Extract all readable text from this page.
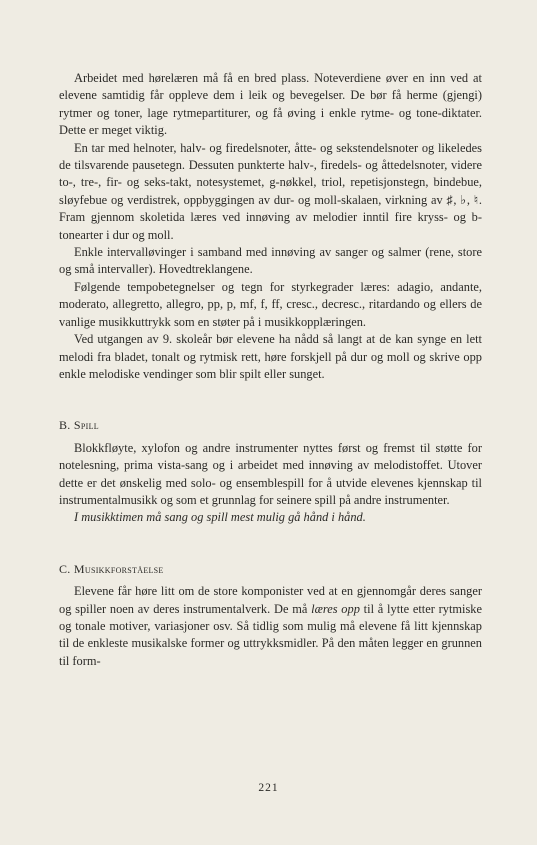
Arbeidet med hørelæren må få en bred plass. Noteverdiene øver en inn ved at elevene samtidig får oppleve dem i leik og bevegelser. De bør få herme (gjengi) rytmer og toner, lage rytmepartiturer, og få øving i enkle rytme- og tone-diktater. Dette er meget viktig.

En tar med helnoter, halv- og firedelsnoter, åtte- og sekstendelsnoter og likeledes de tilsvarende pausetegn. Dessuten punkterte halv-, firedels- og åttedelsnoter, videre to-, tre-, fir- og seks-takt, notesystemet, g-nøkkel, triol, repetisjonstegn, bindebue, sløyfebue og verdistrek, oppbyggingen av dur- og moll-skalaen, virkning av ♯, ♭, ♮. Fram gjennom skoletida læres ved innøving av melodier inntil fire kryss- og b-tonearter i dur og moll.

Enkle intervalløvinger i samband med innøving av sanger og salmer (rene, store og små intervaller). Hovedtreklangene.

Følgende tempobetegnelser og tegn for styrkegrader læres: adagio, andante, moderato, allegretto, allegro, pp, p, mf, f, ff, cresc., decresc., ritardando og ellers de vanlige musikkuttrykk som en støter på i musikkopplæringen.

Ved utgangen av 9. skoleår bør elevene ha nådd så langt at de kan synge en lett melodi fra bladet, tonalt og rytmisk rett, høre forskjell på dur og moll og skrive opp enkle melodiske vendinger som blir spilt eller sunget.

B. Spill

Blokkfløyte, xylofon og andre instrumenter nyttes først og fremst til støtte for notelesning, prima vista-sang og i arbeidet med innøving av melodistoffet. Utover dette er det ønskelig med solo- og ensemblespill for å utvide elevenes kjennskap til instrumentalmusikk og som et grunnlag for seinere spill på andre instrumenter.

I musikktimen må sang og spill mest mulig gå hånd i hånd.

C. Musikkforståelse

Elevene får høre litt om de store komponister ved at en gjennomgår deres sanger og spiller noen av deres instrumentalverk. De må læres opp til å lytte etter rytmiske og tonale motiver, variasjoner osv. Så tidlig som mulig må elevene få litt kjennskap til de enkleste musikalske former og uttrykksmidler. På den måten legger en grunnen til form-

221
